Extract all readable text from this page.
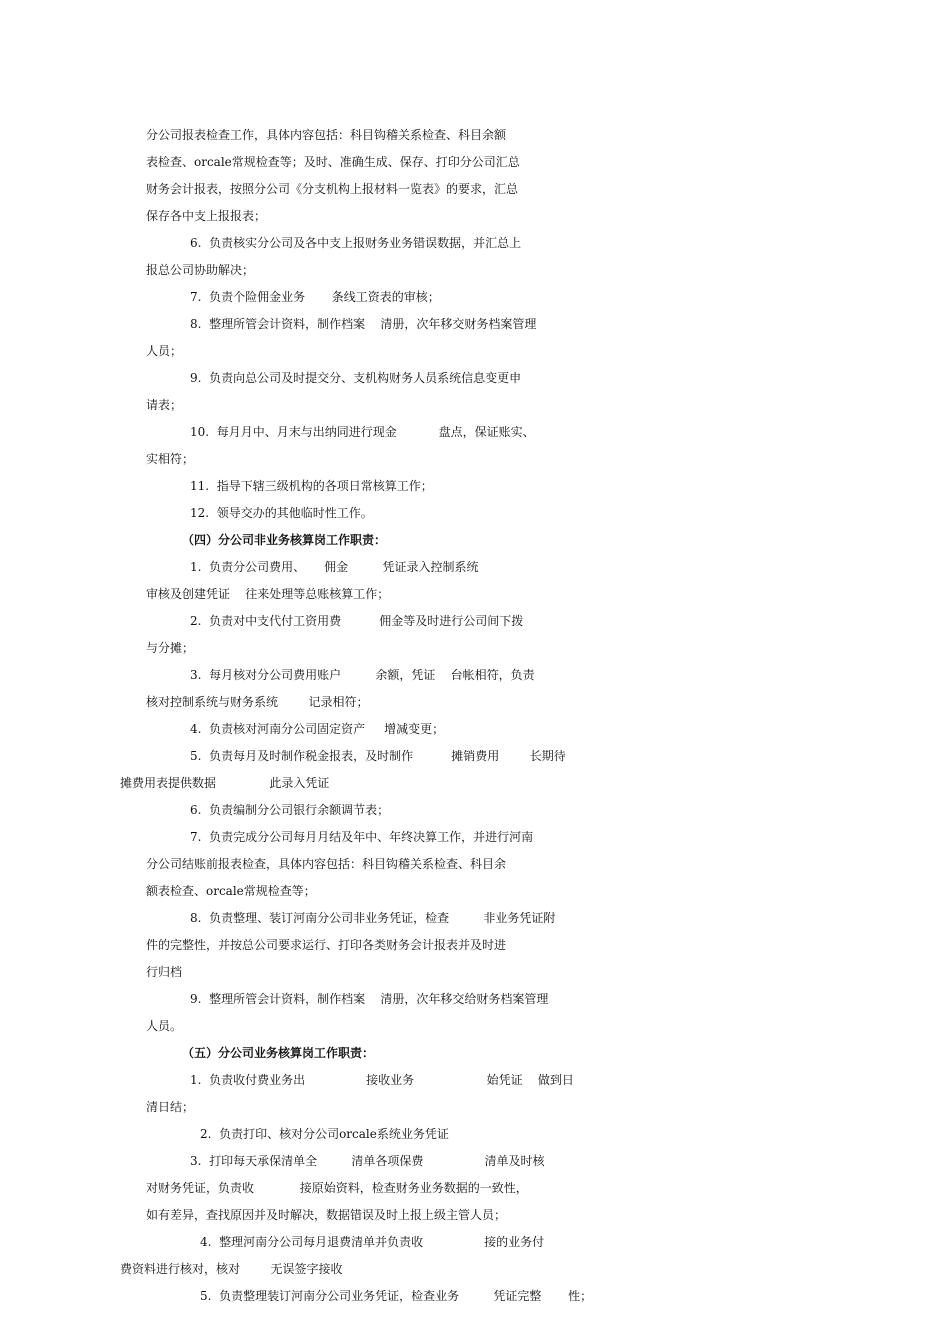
分公司报表检查工作，具体内容包括：科目钩稽关系检查、科目余额
表检查、orcale常规检查等；及时、准确生成、保存、打印分公司汇总
财务会计报表，按照分公司《分支机构上报材料一览表》的要求，汇总
保存各中支上报报表；
6.  负责核实分公司及各中支上报财务业务错误数据，并汇总上
报总公司协助解决；
7.  负责个险佣金业务       条线工资表的审核；
8.  整理所管会计资料，制作档案    清册，次年移交财务档案管理
人员；
9.  负责向总公司及时提交分、支机构财务人员系统信息变更申
请表；
10.  每月月中、月末与出纳同进行现金           盘点，保证账实、
实相符；
11.  指导下辖三级机构的各项日常核算工作；
12.  领导交办的其他临时性工作。
（四）分公司非业务核算岗工作职责：
1.  负责分公司费用、     佣金         凭证录入控制系统
审核及创建凭证    往来处理等总账核算工作；
2.  负责对中支代付工资用费          佣金等及时进行公司间下拨
与分摊；
3.  每月核对分公司费用账户         余额，凭证    台帐相符，负责
核对控制系统与财务系统        记录相符；
4.  负责核对河南分公司固定资产     增减变更；
5.  负责每月及时制作税金报表，及时制作          摊销费用        长期待
摊费用表提供数据              此录入凭证
6.  负责编制分公司银行余额调节表；
7.  负责完成分公司每月月结及年中、年终决算工作，并进行河南
分公司结账前报表检查，具体内容包括：科目钩稽关系检查、科目余
额表检查、orcale常规检查等；
8.  负责整理、装订河南分公司非业务凭证，检查         非业务凭证附
件的完整性，并按总公司要求运行、打印各类财务会计报表并及时进
行归档
9.  整理所管会计资料，制作档案    清册，次年移交给财务档案管理
人员。
（五）分公司业务核算岗工作职责：
1.  负责收付费业务出                接收业务                   始凭证    做到日
清日结；
2.  负责打印、核对分公司orcale系统业务凭证
3.  打印每天承保清单全         清单各项保费                清单及时核
对财务凭证，负责收            接原始资料，检查财务业务数据的一致性，
如有差异，查找原因并及时解决，数据错误及时上报上级主管人员；
4.  整理河南分公司每月退费清单并负责收                接的业务付
费资料进行核对，核对        无误签字接收
5.  负责整理装订河南分公司业务凭证，检查业务         凭证完整       性；
